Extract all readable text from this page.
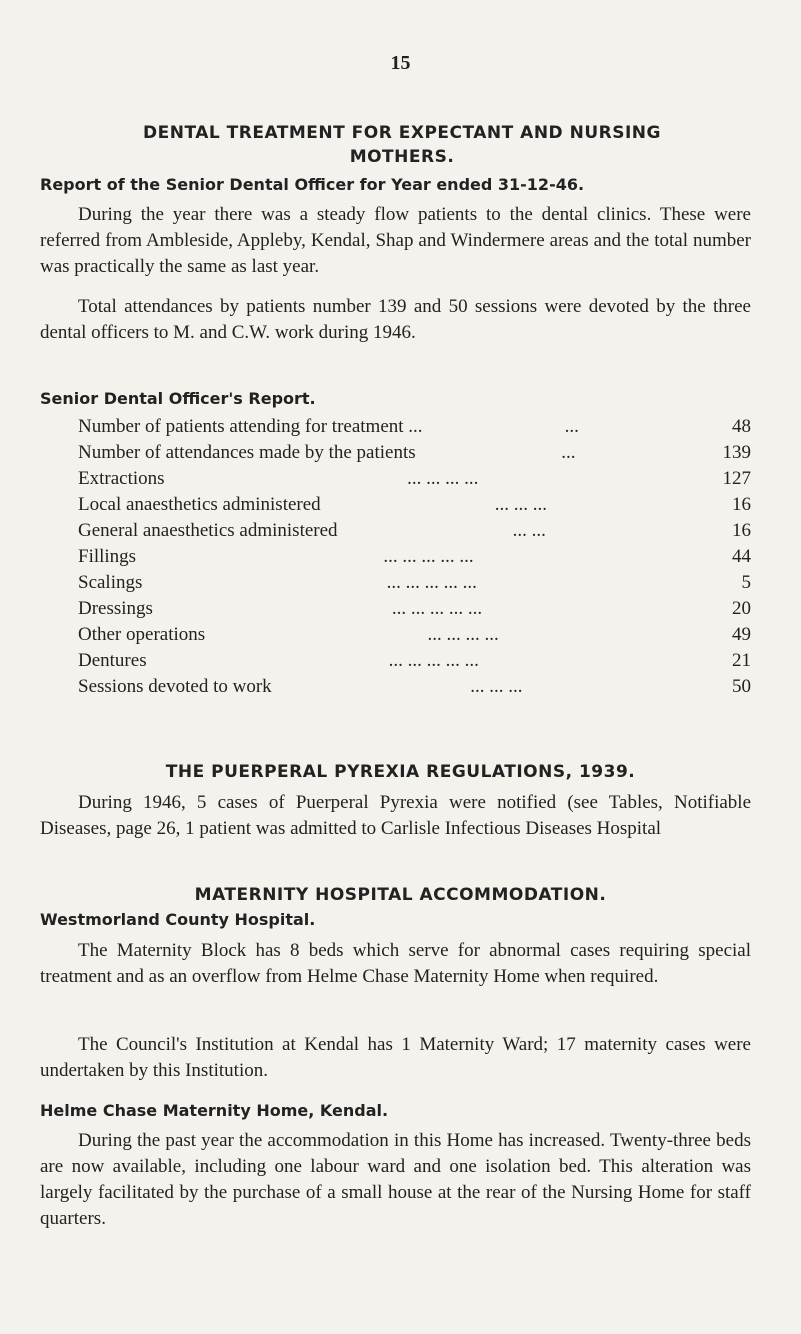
15
DENTAL TREATMENT FOR EXPECTANT AND NURSING
MOTHERS.
Report of the Senior Dental Officer for Year ended 31-12-46.
During the year there was a steady flow patients to the dental clinics. These were referred from Ambleside, Appleby, Kendal, Shap and Windermere areas and the total number was practically the same as last year.
Total attendances by patients number 139 and 50 sessions were devoted by the three dental officers to M. and C.W. work during 1946.
Senior Dental Officer's Report.
Number of patients attending for treatment ...	...	48
Number of attendances made by the patients	...	139
Extractions	... ... ... ...	127
Local anaesthetics administered	... ... ...	16
General anaesthetics administered	... ...	16
Fillings	... ... ... ... ...	44
Scalings	... ... ... ... ...	5
Dressings	... ... ... ... ...	20
Other operations	... ... ... ...	49
Dentures	... ... ... ... ...	21
Sessions devoted to work	... ... ...	50
THE PUERPERAL PYREXIA REGULATIONS, 1939.
During 1946, 5 cases of Puerperal Pyrexia were notified (see Tables, Notifiable Diseases, page 26, 1 patient was admitted to Carlisle Infectious Diseases Hospital
MATERNITY HOSPITAL ACCOMMODATION.
Westmorland County Hospital.
The Maternity Block has 8 beds which serve for abnormal cases requiring special treatment and as an overflow from Helme Chase Maternity Home when required.
The Council's Institution at Kendal has 1 Maternity Ward; 17 maternity cases were undertaken by this Institution.
Helme Chase Maternity Home, Kendal.
During the past year the accommodation in this Home has increased. Twenty-three beds are now available, including one labour ward and one isolation bed. This alteration was largely facilitated by the purchase of a small house at the rear of the Nursing Home for staff quarters.
